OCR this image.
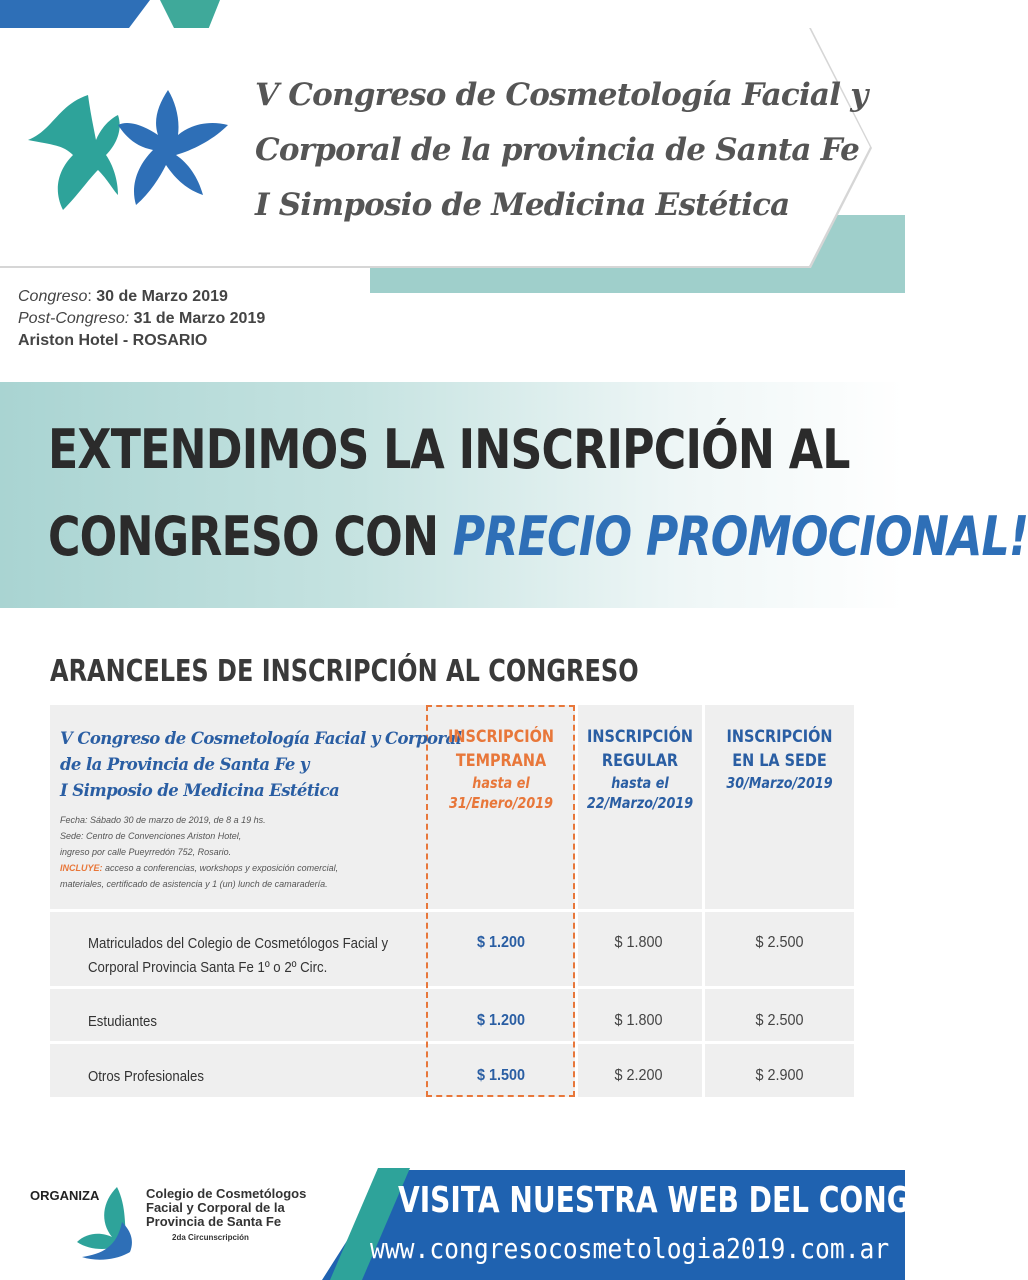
V Congreso de Cosmetología Facial y
Corporal de la provincia de Santa Fe
I Simposio de Medicina Estética
Congreso: 30 de Marzo 2019
Post-Congreso: 31 de Marzo 2019
Ariston Hotel - ROSARIO
EXTENDIMOS LA INSCRIPCIÓN AL
CONGRESO CON PRECIO PROMOCIONAL!
ARANCELES DE INSCRIPCIÓN AL CONGRESO
V Congreso de Cosmetología Facial y Corporal
de la Provincia de Santa Fe y
I Simposio de Medicina Estética
Fecha: Sábado 30 de marzo de 2019, de 8 a 19 hs.
Sede: Centro de Convenciones Ariston Hotel,
ingreso por calle Pueyrredón 752, Rosario.
INCLUYE: acceso a conferencias, workshops y exposición comercial,
materiales, certificado de asistencia y 1 (un) lunch de camaradería.
INSCRIPCIÓN
TEMPRANA
hasta el
31/Enero/2019
INSCRIPCIÓN
REGULAR
hasta el
22/Marzo/2019
INSCRIPCIÓN
EN LA SEDE
30/Marzo/2019
Matriculados del Colegio de Cosmetólogos Facial y
Corporal Provincia Santa Fe 1º o 2º Circ.
$ 1.200	$ 1.800	$ 2.500
Estudiantes	$ 1.200	$ 1.800	$ 2.500
Otros Profesionales	$ 1.500	$ 2.200	$ 2.900
ORGANIZA	Colegio de Cosmetólogos
Facial y Corporal de la
Provincia de Santa Fe
2da Circunscripción
VISITA NUESTRA WEB DEL CONGRESO!
www.congresocosmetologia2019.com.ar
